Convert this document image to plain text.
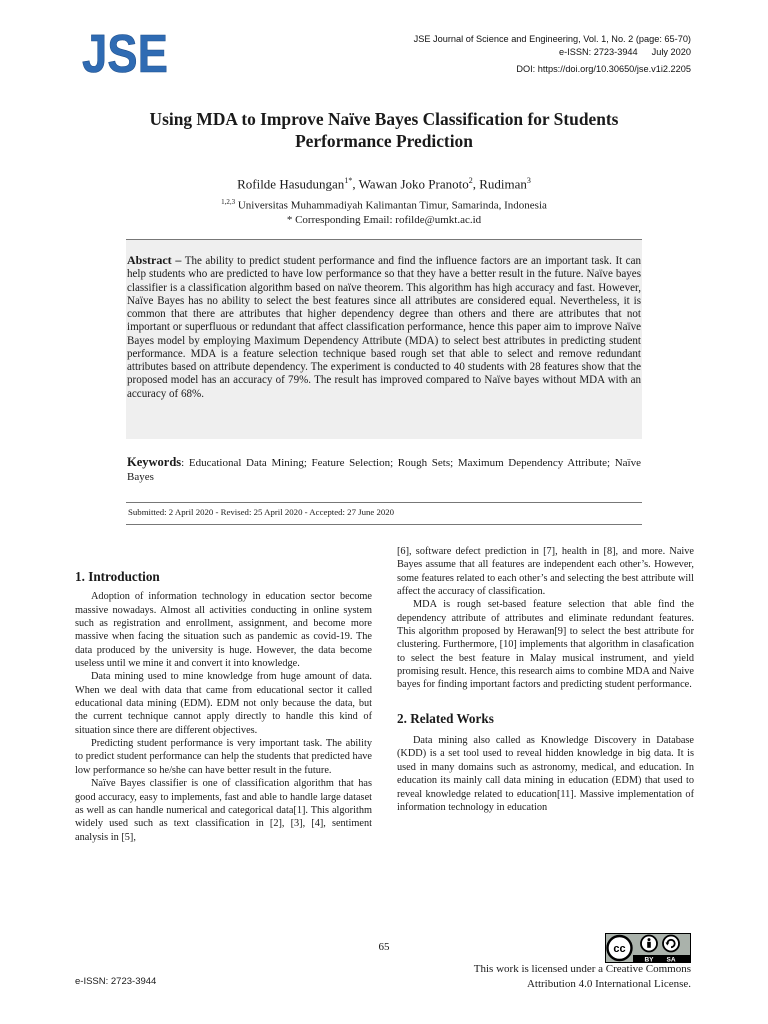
JSE	JSE Journal of Science and Engineering, Vol. 1, No. 2 (page: 65-70)
e-ISSN: 2723-3944 July 2020
DOI: https://doi.org/10.30650/jse.v1i2.2205
Using MDA to Improve Naïve Bayes Classification for Students Performance Prediction
Rofilde Hasudungan$^{1*}$, Wawan Joko Pranoto$^2$, Rudiman$^3$
$^{1,2,3}$ Universitas Muhammadiyah Kalimantan Timur, Samarinda, Indonesia
* Corresponding Email: rofilde@umkt.ac.id
Abstract – The ability to predict student performance and find the influence factors are an important task. It can help students who are predicted to have low performance so that they have a better result in the future. Naïve bayes classifier is a classification algorithm based on naïve theorem. This algorithm has high accuracy and fast. However, Naïve Bayes has no ability to select the best features since all attributes are considered equal. Nevertheless, it is common that there are attributes that higher dependency degree than others and there are attributes that not important or superfluous or redundant that affect classification performance, hence this paper aim to improve Naïve Bayes model by employing Maximum Dependency Attribute (MDA) to select best attributes in predicting student performance. MDA is a feature selection technique based rough set that able to select and remove redundant attributes based on attribute dependency. The experiment is conducted to 40 students with 28 features show that the proposed model has an accuracy of 79%. The result has improved compared to Naïve bayes without MDA with an accuracy of 68%.
Keywords: Educational Data Mining; Feature Selection; Rough Sets; Maximum Dependency Attribute; Naïve Bayes
Submitted: 2 April 2020 - Revised: 25 April 2020 - Accepted: 27 June 2020
1. Introduction

Adoption of information technology in education sector become massive nowadays. Almost all activities conducting in online system such as registration and enrollment, assignment, and become more massive when facing the situation such as pandemic as covid-19. The data produced by the university is huge. However, the data become useless until we mine it and convert it into knowledge.

Data mining used to mine knowledge from huge amount of data. When we deal with data that came from educational sector it called educational data mining (EDM). EDM not only because the data, but the current technique cannot apply directly to handle this kind of situation since there are different objectives.

Predicting student performance is very important task. The ability to predict student performance can help the students that predicted have low performance so he/she can have better result in the future.

Naïve Bayes classifier is one of classification algorithm that has good accuracy, easy to implements, fast and able to handle large dataset as well as can handle numerical and categorical data[1]. This algorithm widely used such as text classification in [2], [3], [4], sentiment analysis in [5],

[6], software defect prediction in [7], health in [8], and more. Naive Bayes assume that all features are independent each other’s. However, some features related to each other’s and selecting the best attribute will affect the accuracy of classification.

MDA is rough set-based feature selection that able find the dependency attribute of attributes and eliminate redundant features. This algorithm proposed by Herawan[9] to select the best attribute for clustering. Furthermore, [10] implements that algorithm in clasafication to select the best feature in Malay musical instrument, and yield promising result. Hence, this research aims to combine MDA and Naive bayes for finding important factors and predicting student performance.

2. Related Works

Data mining also called as Knowledge Discovery in Database (KDD) is a set tool used to reveal hidden knowledge in big data. It is used in many domains such as astronomy, medical, and education. In education its mainly call data mining in education (EDM) that used to reveal knowledge related to education[11]. Massive implementation of information technology in education

65	cc
BY SA
e-ISSN: 2723-3944
This work is licensed under a Creative Commons
Attribution 4.0 International License.
